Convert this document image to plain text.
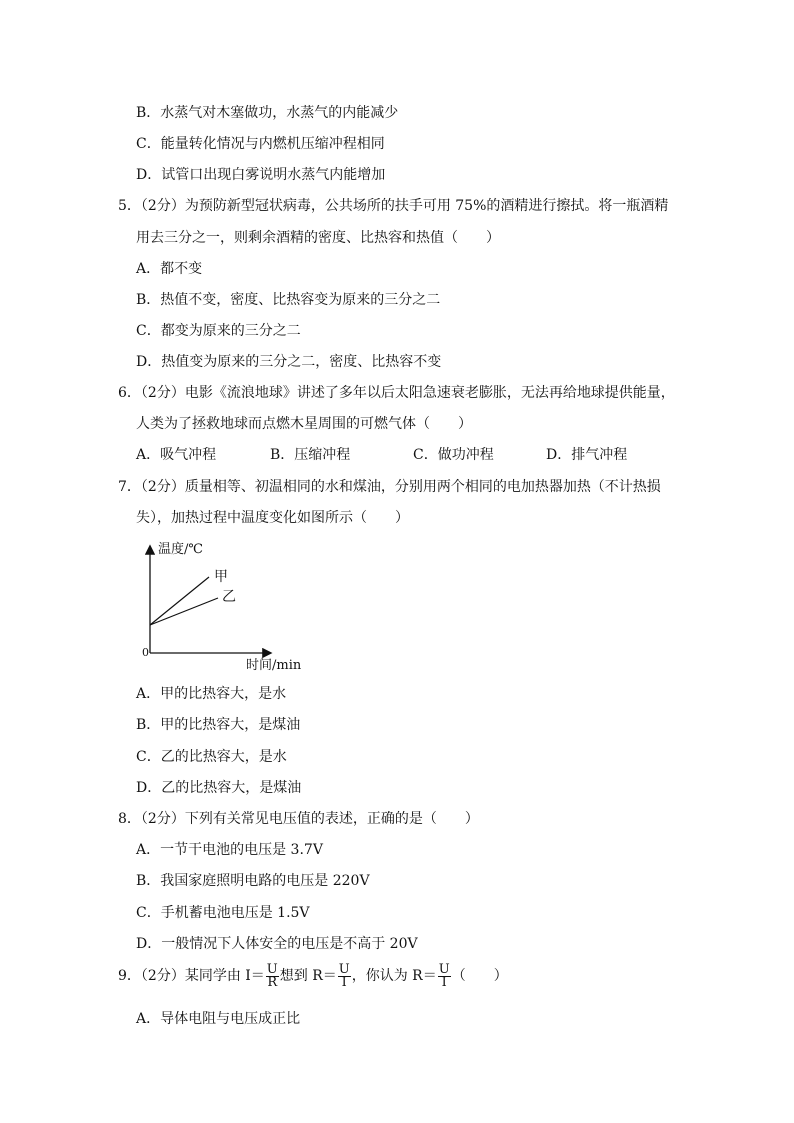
B．水蒸气对木塞做功，水蒸气的内能减少
C．能量转化情况与内燃机压缩冲程相同
D．试管口出现白雾说明水蒸气内能增加
5．（2分）为预防新型冠状病毒，公共场所的扶手可用 75%的酒精进行擦拭。将一瓶酒精
用去三分之一，则剩余酒精的密度、比热容和热值（　　）
A．都不变
B．热值不变，密度、比热容变为原来的三分之二
C．都变为原来的三分之二
D．热值变为原来的三分之二，密度、比热容不变
6．（2分）电影《流浪地球》讲述了多年以后太阳急速衰老膨胀，无法再给地球提供能量，
人类为了拯救地球而点燃木星周围的可燃气体（　　）
A．吸气冲程	B．压缩冲程	C．做功冲程	D．排气冲程
7．（2分）质量相等、初温相同的水和煤油，分别用两个相同的电加热器加热（不计热损
失），加热过程中温度变化如图所示（　　）
温度/℃
时间/min
0
甲
乙
A．甲的比热容大，是水
B．甲的比热容大，是煤油
C．乙的比热容大，是水
D．乙的比热容大，是煤油
8．（2分）下列有关常见电压值的表述，正确的是（　　）
A．一节干电池的电压是 3.7V
B．我国家庭照明电路的电压是 220V
C．手机蓄电池电压是 1.5V
D．一般情况下人体安全的电压是不高于 20V
9．（2分）某同学由 $I= \frac{U}{R}$ 想到 $R= \frac{U}{I}$ ，你认为 $R= \frac{U}{I}$ （　　）
A．导体电阻与电压成正比
